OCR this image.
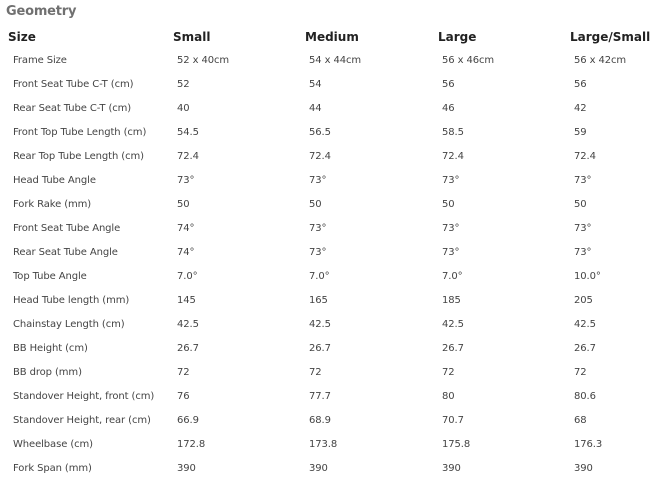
Geometry
Size	Small	Medium	Large	Large/Small
Frame Size	52 x 40cm	54 x 44cm	56 x 46cm	56 x 42cm
Front Seat Tube C-T (cm)	52	54	56	56
Rear Seat Tube C-T (cm)	40	44	46	42
Front Top Tube Length (cm)	54.5	56.5	58.5	59
Rear Top Tube Length (cm)	72.4	72.4	72.4	72.4
Head Tube Angle	73°	73°	73°	73°
Fork Rake (mm)	50	50	50	50
Front Seat Tube Angle	74°	73°	73°	73°
Rear Seat Tube Angle	74°	73°	73°	73°
Top Tube Angle	7.0°	7.0°	7.0°	10.0°
Head Tube length (mm)	145	165	185	205
Chainstay Length (cm)	42.5	42.5	42.5	42.5
BB Height (cm)	26.7	26.7	26.7	26.7
BB drop (mm)	72	72	72	72
Standover Height, front (cm)	76	77.7	80	80.6
Standover Height, rear (cm)	66.9	68.9	70.7	68
Wheelbase (cm)	172.8	173.8	175.8	176.3
Fork Span (mm)	390	390	390	390
